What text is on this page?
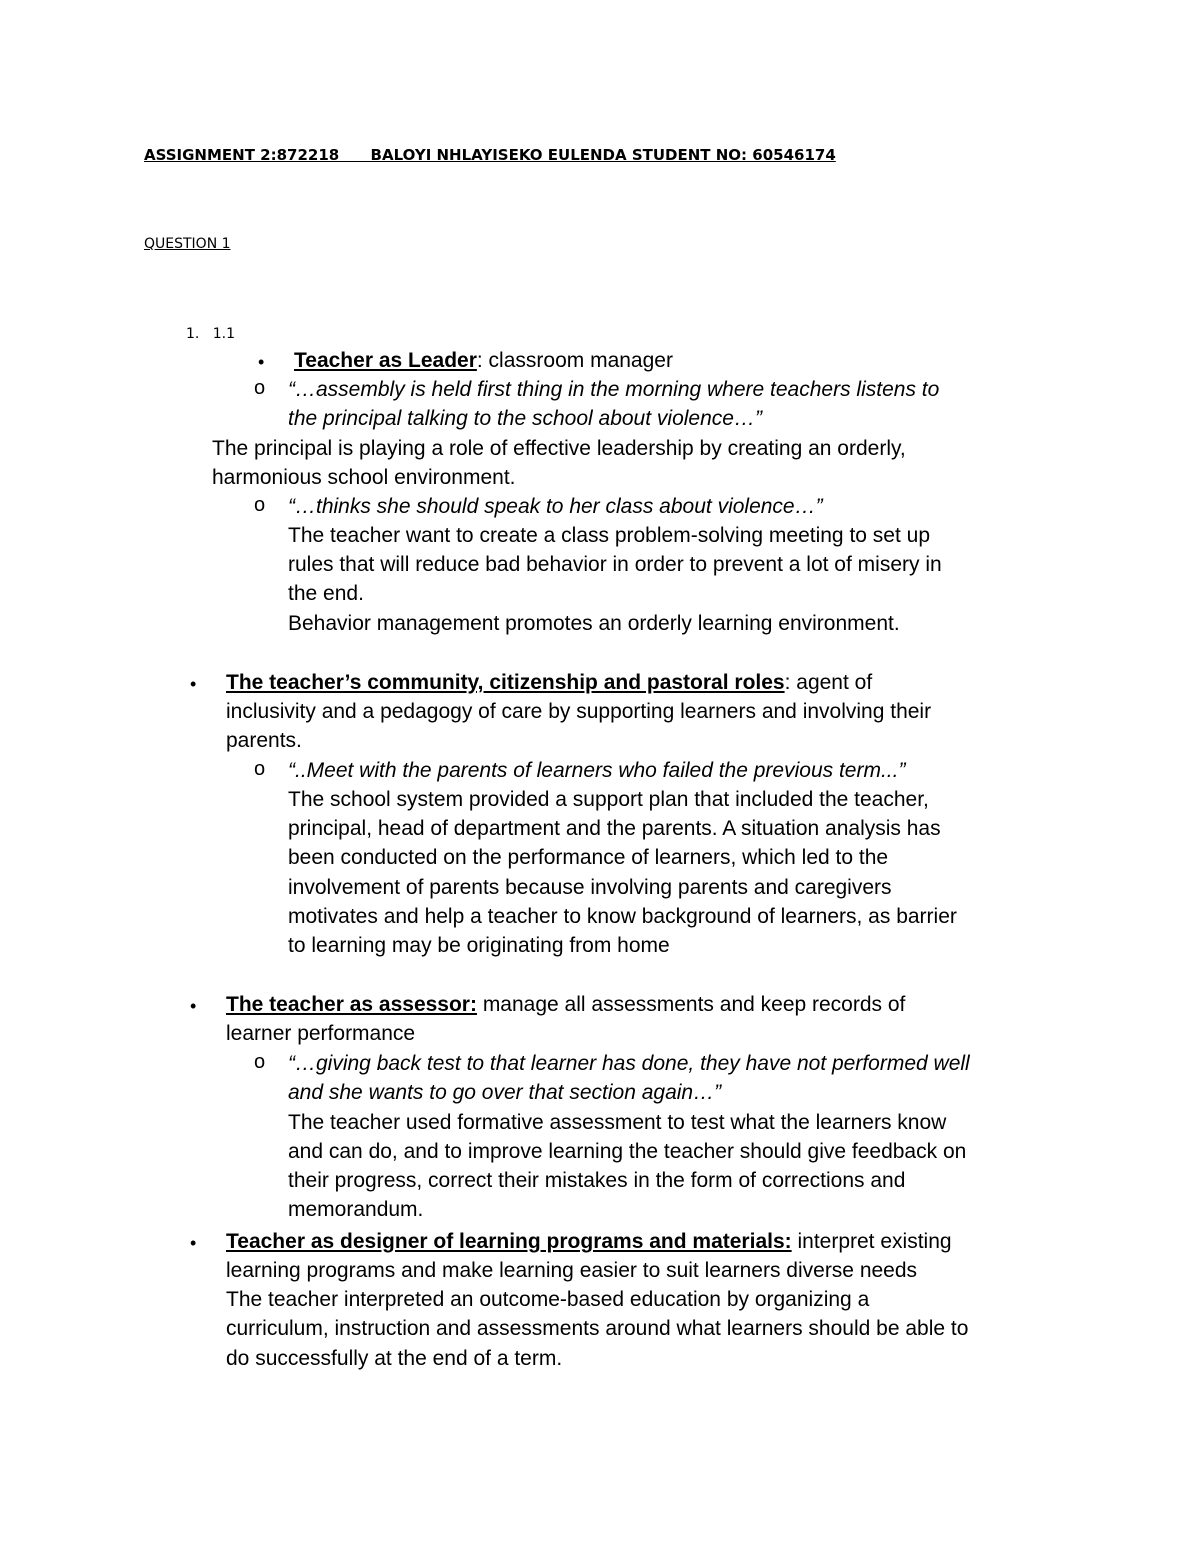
ASSIGNMENT 2:872218      BALOYI NHLAYISEKO EULENDA STUDENT NO: 60546174
QUESTION 1
1.   1.1
• Teacher as Leader: classroom manager
o “…assembly is held first thing in the morning where teachers listens to
the principal talking to the school about violence…”
The principal is playing a role of effective leadership by creating an orderly,
harmonious school environment.
o “…thinks she should speak to her class about violence…”
The teacher want to create a class problem-solving meeting to set up
rules that will reduce bad behavior in order to prevent a lot of misery in
the end.
Behavior management promotes an orderly learning environment.
• The teacher’s community, citizenship and pastoral roles: agent of
inclusivity and a pedagogy of care by supporting learners and involving their
parents.
o “..Meet with the parents of learners who failed the previous term...”
The school system provided a support plan that included the teacher,
principal, head of department and the parents. A situation analysis has
been conducted on the performance of learners, which led to the
involvement of parents because involving parents and caregivers
motivates and help a teacher to know background of learners, as barrier
to learning may be originating from home
• The teacher as assessor: manage all assessments and keep records of
learner performance
o “…giving back test to that learner has done, they have not performed well
and she wants to go over that section again…”
The teacher used formative assessment to test what the learners know
and can do, and to improve learning the teacher should give feedback on
their progress, correct their mistakes in the form of corrections and
memorandum.
• Teacher as designer of learning programs and materials: interpret existing
learning programs and make learning easier to suit learners diverse needs
The teacher interpreted an outcome-based education by organizing a
curriculum, instruction and assessments around what learners should be able to
do successfully at the end of a term.
